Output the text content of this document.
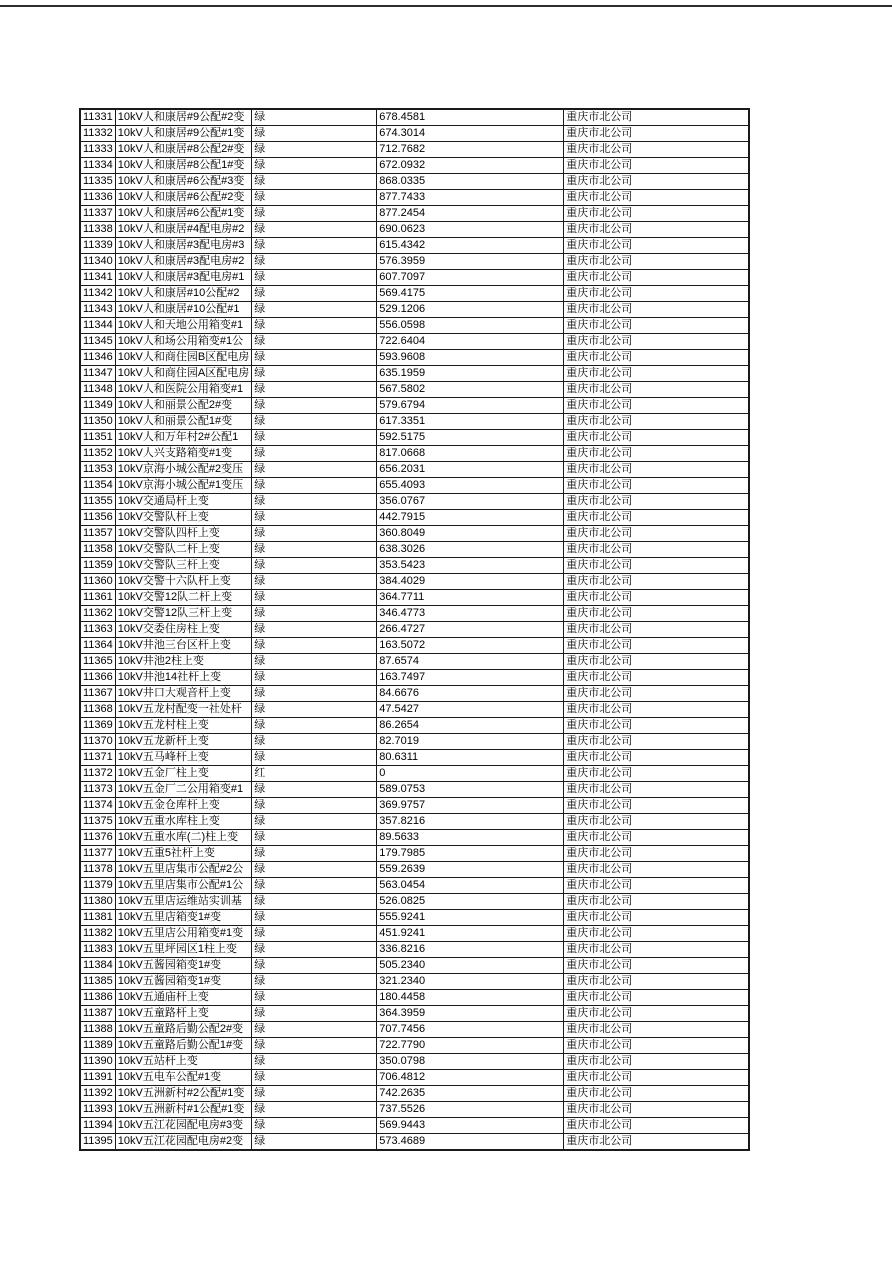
11331	10kV人和康居#9公配#2变	绿	678.4581	重庆市北公司
11332	10kV人和康居#9公配#1变	绿	674.3014	重庆市北公司
11333	10kV人和康居#8公配2#变	绿	712.7682	重庆市北公司
11334	10kV人和康居#8公配1#变	绿	672.0932	重庆市北公司
11335	10kV人和康居#6公配#3变	绿	868.0335	重庆市北公司
11336	10kV人和康居#6公配#2变	绿	877.7433	重庆市北公司
11337	10kV人和康居#6公配#1变	绿	877.2454	重庆市北公司
11338	10kV人和康居#4配电房#2	绿	690.0623	重庆市北公司
11339	10kV人和康居#3配电房#3	绿	615.4342	重庆市北公司
11340	10kV人和康居#3配电房#2	绿	576.3959	重庆市北公司
11341	10kV人和康居#3配电房#1	绿	607.7097	重庆市北公司
11342	10kV人和康居#10公配#2	绿	569.4175	重庆市北公司
11343	10kV人和康居#10公配#1	绿	529.1206	重庆市北公司
11344	10kV人和天地公用箱变#1	绿	556.0598	重庆市北公司
11345	10kV人和场公用箱变#1公	绿	722.6404	重庆市北公司
11346	10kV人和商住园B区配电房	绿	593.9608	重庆市北公司
11347	10kV人和商住园A区配电房	绿	635.1959	重庆市北公司
11348	10kV人和医院公用箱变#1	绿	567.5802	重庆市北公司
11349	10kV人和丽景公配2#变	绿	579.6794	重庆市北公司
11350	10kV人和丽景公配1#变	绿	617.3351	重庆市北公司
11351	10kV人和万年村2#公配1	绿	592.5175	重庆市北公司
11352	10kV人兴支路箱变#1变	绿	817.0668	重庆市北公司
11353	10kV京海小城公配#2变压	绿	656.2031	重庆市北公司
11354	10kV京海小城公配#1变压	绿	655.4093	重庆市北公司
11355	10kV交通局杆上变	绿	356.0767	重庆市北公司
11356	10kV交警队杆上变	绿	442.7915	重庆市北公司
11357	10kV交警队四杆上变	绿	360.8049	重庆市北公司
11358	10kV交警队二杆上变	绿	638.3026	重庆市北公司
11359	10kV交警队三杆上变	绿	353.5423	重庆市北公司
11360	10kV交警十六队杆上变	绿	384.4029	重庆市北公司
11361	10kV交警12队二杆上变	绿	364.7711	重庆市北公司
11362	10kV交警12队三杆上变	绿	346.4773	重庆市北公司
11363	10kV交委住房柱上变	绿	266.4727	重庆市北公司
11364	10kV井池三台区杆上变	绿	163.5072	重庆市北公司
11365	10kV井池2柱上变	绿	87.6574	重庆市北公司
11366	10kV井池14社杆上变	绿	163.7497	重庆市北公司
11367	10kV井口大观音杆上变	绿	84.6676	重庆市北公司
11368	10kV五龙村配变一社处杆	绿	47.5427	重庆市北公司
11369	10kV五龙村柱上变	绿	86.2654	重庆市北公司
11370	10kV五龙新杆上变	绿	82.7019	重庆市北公司
11371	10kV五马峰杆上变	绿	80.6311	重庆市北公司
11372	10kV五金厂柱上变	红	0	重庆市北公司
11373	10kV五金厂二公用箱变#1	绿	589.0753	重庆市北公司
11374	10kV五金仓库杆上变	绿	369.9757	重庆市北公司
11375	10kV五重水库柱上变	绿	357.8216	重庆市北公司
11376	10kV五重水库(二)柱上变	绿	89.5633	重庆市北公司
11377	10kV五重5社杆上变	绿	179.7985	重庆市北公司
11378	10kV五里店集市公配#2公	绿	559.2639	重庆市北公司
11379	10kV五里店集市公配#1公	绿	563.0454	重庆市北公司
11380	10kV五里店运维站实训基	绿	526.0825	重庆市北公司
11381	10kV五里店箱变1#变	绿	555.9241	重庆市北公司
11382	10kV五里店公用箱变#1变	绿	451.9241	重庆市北公司
11383	10kV五里坪园区1柱上变	绿	336.8216	重庆市北公司
11384	10kV五酱园箱变1#变	绿	505.2340	重庆市北公司
11385	10kV五酱园箱变1#变	绿	321.2340	重庆市北公司
11386	10kV五通庙杆上变	绿	180.4458	重庆市北公司
11387	10kV五童路杆上变	绿	364.3959	重庆市北公司
11388	10kV五童路后勤公配2#变	绿	707.7456	重庆市北公司
11389	10kV五童路后勤公配1#变	绿	722.7790	重庆市北公司
11390	10kV五站杆上变	绿	350.0798	重庆市北公司
11391	10kV五电车公配#1变	绿	706.4812	重庆市北公司
11392	10kV五洲新村#2公配#1变	绿	742.2635	重庆市北公司
11393	10kV五洲新村#1公配#1变	绿	737.5526	重庆市北公司
11394	10kV五江花园配电房#3变	绿	569.9443	重庆市北公司
11395	10kV五江花园配电房#2变	绿	573.4689	重庆市北公司
